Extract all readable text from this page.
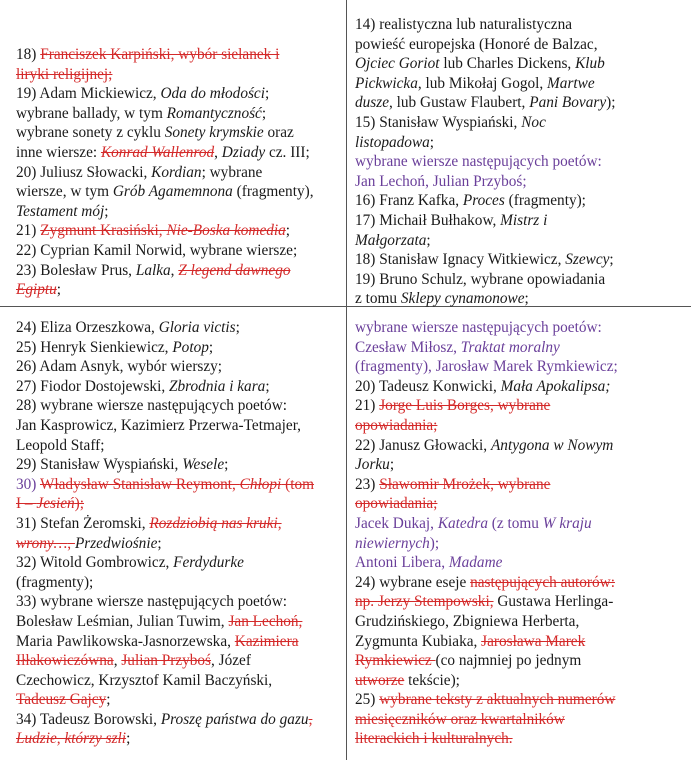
18) Franciszek Karpiński, wybór sielanek i
liryki religijnej;
19) Adam Mickiewicz, Oda do młodości;
wybrane ballady, w tym Romantyczność;
wybrane sonety z cyklu Sonety krymskie oraz
inne wiersze: Konrad Wallenrod, Dziady cz. III;
20) Juliusz Słowacki, Kordian; wybrane
wiersze, w tym Grób Agamemnona (fragmenty),
Testament mój;
21) Zygmunt Krasiński, Nie-Boska komedia;
22) Cyprian Kamil Norwid, wybrane wiersze;
23) Bolesław Prus, Lalka, Z legend dawnego
Egiptu;
14) realistyczna lub naturalistyczna
powieść europejska (Honoré de Balzac,
Ojciec Goriot lub Charles Dickens, Klub
Pickwicka, lub Mikołaj Gogol, Martwe
dusze, lub Gustaw Flaubert, Pani Bovary);
15) Stanisław Wyspiański, Noc
listopadowa;
wybrane wiersze następujących poetów:
Jan Lechoń, Julian Przyboś;
16) Franz Kafka, Proces (fragmenty);
17) Michaił Bułhakow, Mistrz i
Małgorzata;
18) Stanisław Ignacy Witkiewicz, Szewcy;
19) Bruno Schulz, wybrane opowiadania
z tomu Sklepy cynamonowe;
24) Eliza Orzeszkowa, Gloria victis;
25) Henryk Sienkiewicz, Potop;
26) Adam Asnyk, wybór wierszy;
27) Fiodor Dostojewski, Zbrodnia i kara;
28) wybrane wiersze następujących poetów:
Jan Kasprowicz, Kazimierz Przerwa-Tetmajer,
Leopold Staff;
29) Stanisław Wyspiański, Wesele;
30) Władysław Stanisław Reymont, Chłopi (tom
I – Jesień);
31) Stefan Żeromski, Rozdziobią nas kruki,
wrony…, Przedwiośnie;
32) Witold Gombrowicz, Ferdydurke
(fragmenty);
33) wybrane wiersze następujących poetów:
Bolesław Leśmian, Julian Tuwim, Jan Lechoń,
Maria Pawlikowska-Jasnorzewska, Kazimiera
Iłłakowiczówna, Julian Przyboś, Józef
Czechowicz, Krzysztof Kamil Baczyński,
Tadeusz Gajcy;
34) Tadeusz Borowski, Proszę państwa do gazu,
Ludzie, którzy szli;
wybrane wiersze następujących poetów:
Czesław Miłosz, Traktat moralny
(fragmenty), Jarosław Marek Rymkiewicz;
20) Tadeusz Konwicki, Mała Apokalipsa;
21) Jorge Luis Borges, wybrane
opowiadania;
22) Janusz Głowacki, Antygona w Nowym
Jorku;
23) Sławomir Mrożek, wybrane
opowiadania;
Jacek Dukaj, Katedra (z tomu W kraju
niewiernych);
Antoni Libera, Madame
24) wybrane eseje następujących autorów:
np. Jerzy Stempowski, Gustawa Herlinga-
Grudzińskiego, Zbigniewa Herberta,
Zygmunta Kubiaka, Jarosława Marek
Rymkiewicz (co najmniej po jednym
utworze tekście);
25) wybrane teksty z aktualnych numerów
miesięczników oraz kwartalników
literackich i kulturalnych.
